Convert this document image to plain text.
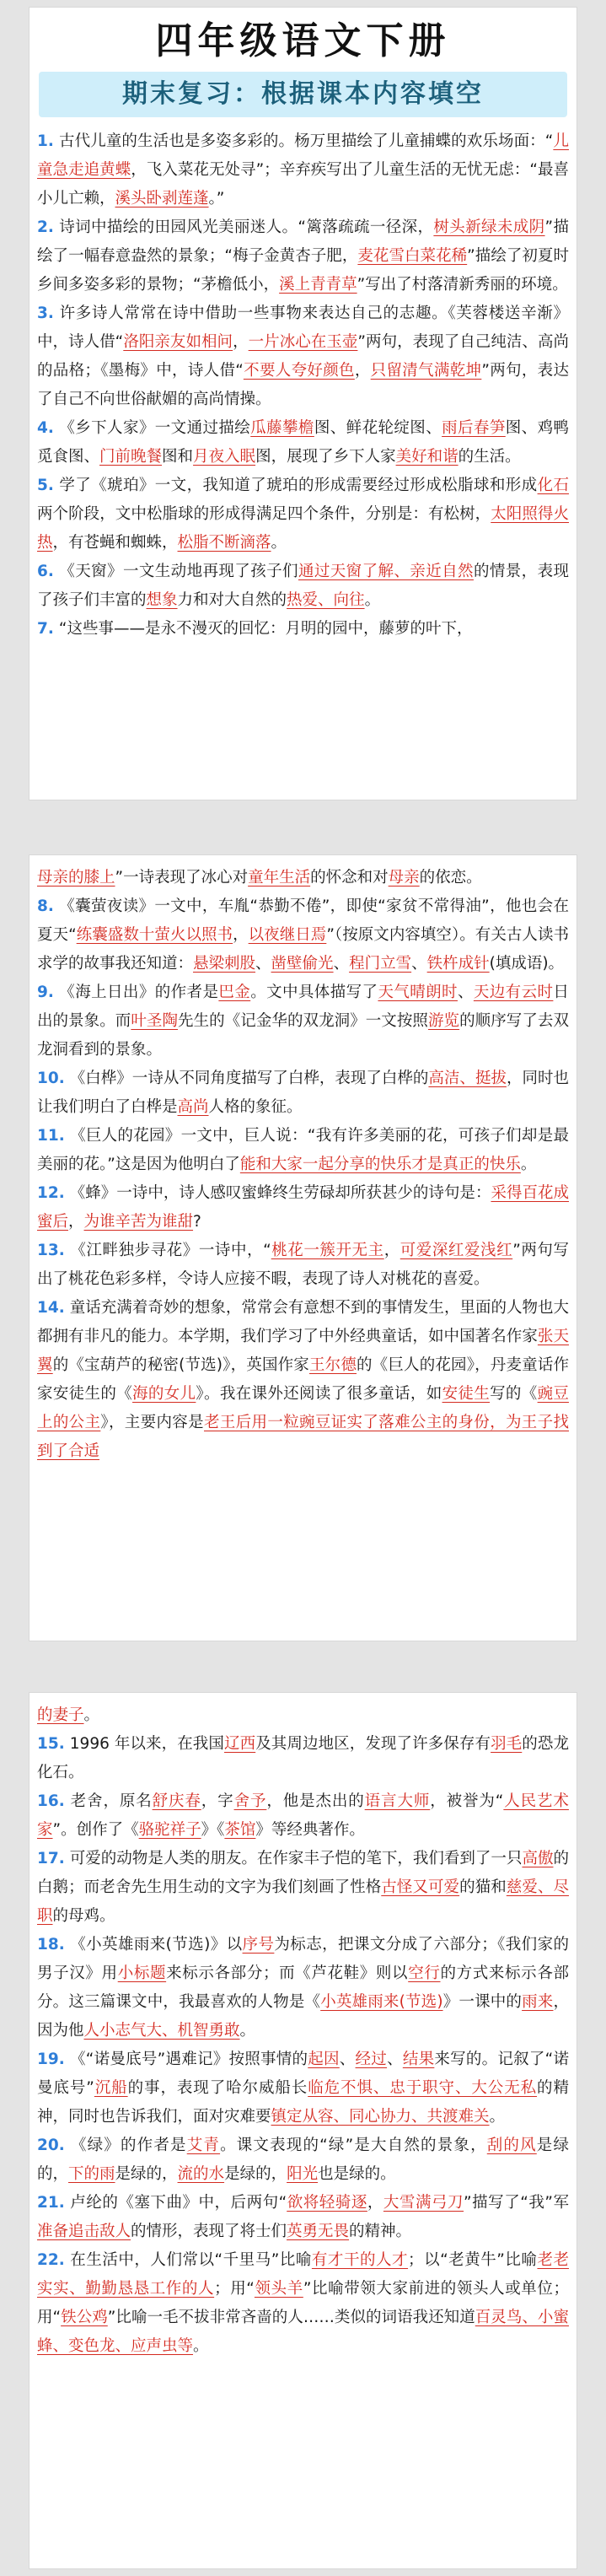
四年级语文下册
期末复习：根据课本内容填空
1. 古代儿童的生活也是多姿多彩的。杨万里描绘了儿童捕蝶的欢乐场面：“儿童急走追黄蝶，飞入菜花无处寻”；辛弃疾写出了儿童生活的无忧无虑：“最喜小儿亡赖，溪头卧剥莲蓬。”
2. 诗词中描绘的田园风光美丽迷人。“篱落疏疏一径深，树头新绿未成阴”描绘了一幅春意盎然的景象；“梅子金黄杏子肥，麦花雪白菜花稀”描绘了初夏时乡间多姿多彩的景物；“茅檐低小，溪上青青草”写出了村落清新秀丽的环境。
3. 许多诗人常常在诗中借助一些事物来表达自己的志趣。《芙蓉楼送辛渐》中，诗人借“洛阳亲友如相问，一片冰心在玉壶”两句，表现了自己纯洁、高尚的品格；《墨梅》中，诗人借“不要人夸好颜色，只留清气满乾坤”两句，表达了自己不向世俗献媚的高尚情操。
4. 《乡下人家》一文通过描绘瓜藤攀檐图、鲜花轮绽图、雨后春笋图、鸡鸭觅食图、门前晚餐图和月夜入眠图，展现了乡下人家美好和谐的生活。
5. 学了《琥珀》一文，我知道了琥珀的形成需要经过形成松脂球和形成化石两个阶段，文中松脂球的形成得满足四个条件，分别是：有松树，太阳照得火热，有苍蝇和蜘蛛，松脂不断滴落。
6. 《天窗》一文生动地再现了孩子们通过天窗了解、亲近自然的情景，表现了孩子们丰富的想象力和对大自然的热爱、向往。
7. “这些事——是永不漫灭的回忆：月明的园中，藤萝的叶下，
母亲的膝上”一诗表现了冰心对童年生活的怀念和对母亲的依恋。
8. 《囊萤夜读》一文中，车胤“恭勤不倦”，即使“家贫不常得油”，他也会在夏天“练囊盛数十萤火以照书，以夜继日焉”（按原文内容填空）。有关古人读书求学的故事我还知道：悬梁刺股、凿壁偷光、程门立雪、铁杵成针(填成语)。
9. 《海上日出》的作者是巴金。文中具体描写了天气晴朗时、天边有云时日出的景象。而叶圣陶先生的《记金华的双龙洞》一文按照游览的顺序写了去双龙洞看到的景象。
10. 《白桦》一诗从不同角度描写了白桦，表现了白桦的高洁、挺拔，同时也让我们明白了白桦是高尚人格的象征。
11. 《巨人的花园》一文中，巨人说：“我有许多美丽的花，可孩子们却是最美丽的花。”这是因为他明白了能和大家一起分享的快乐才是真正的快乐。
12. 《蜂》一诗中，诗人感叹蜜蜂终生劳碌却所获甚少的诗句是：采得百花成蜜后，为谁辛苦为谁甜?
13. 《江畔独步寻花》一诗中，“桃花一簇开无主，可爱深红爱浅红”两句写出了桃花色彩多样，令诗人应接不暇，表现了诗人对桃花的喜爱。
14. 童话充满着奇妙的想象，常常会有意想不到的事情发生，里面的人物也大都拥有非凡的能力。本学期，我们学习了中外经典童话，如中国著名作家张天翼的《宝葫芦的秘密(节选)》，英国作家王尔德的《巨人的花园》，丹麦童话作家安徒生的《海的女儿》。我在课外还阅读了很多童话，如安徒生写的《豌豆上的公主》，主要内容是老王后用一粒豌豆证实了落难公主的身份，为王子找到了合适
的妻子。
15. 1996 年以来，在我国辽西及其周边地区，发现了许多保存有羽毛的恐龙化石。
16. 老舍，原名舒庆春，字舍予，他是杰出的语言大师，被誉为“人民艺术家”。创作了《骆驼祥子》《茶馆》等经典著作。
17. 可爱的动物是人类的朋友。在作家丰子恺的笔下，我们看到了一只高傲的白鹅；而老舍先生用生动的文字为我们刻画了性格古怪又可爱的猫和慈爱、尽职的母鸡。
18. 《小英雄雨来(节选)》以序号为标志，把课文分成了六部分；《我们家的男子汉》用小标题来标示各部分；而《芦花鞋》则以空行的方式来标示各部分。这三篇课文中，我最喜欢的人物是《小英雄雨来(节选)》一课中的雨来，因为他人小志气大、机智勇敢。
19. 《“诺曼底号”遇难记》按照事情的起因、经过、结果来写的。记叙了“诺曼底号”沉船的事，表现了哈尔威船长临危不惧、忠于职守、大公无私的精神，同时也告诉我们，面对灾难要镇定从容、同心协力、共渡难关。
20. 《绿》的作者是艾青。课文表现的“绿”是大自然的景象，刮的风是绿的，下的雨是绿的，流的水是绿的，阳光也是绿的。
21. 卢纶的《塞下曲》中，后两句“欲将轻骑逐，大雪满弓刀”描写了“我”军准备追击敌人的情形，表现了将士们英勇无畏的精神。
22. 在生活中，人们常以“千里马”比喻有才干的人才；以“老黄牛”比喻老老实实、勤勤恳恳工作的人；用“领头羊”比喻带领大家前进的领头人或单位；用“铁公鸡”比喻一毛不拔非常吝啬的人……类似的词语我还知道百灵鸟、小蜜蜂、变色龙、应声虫等。
